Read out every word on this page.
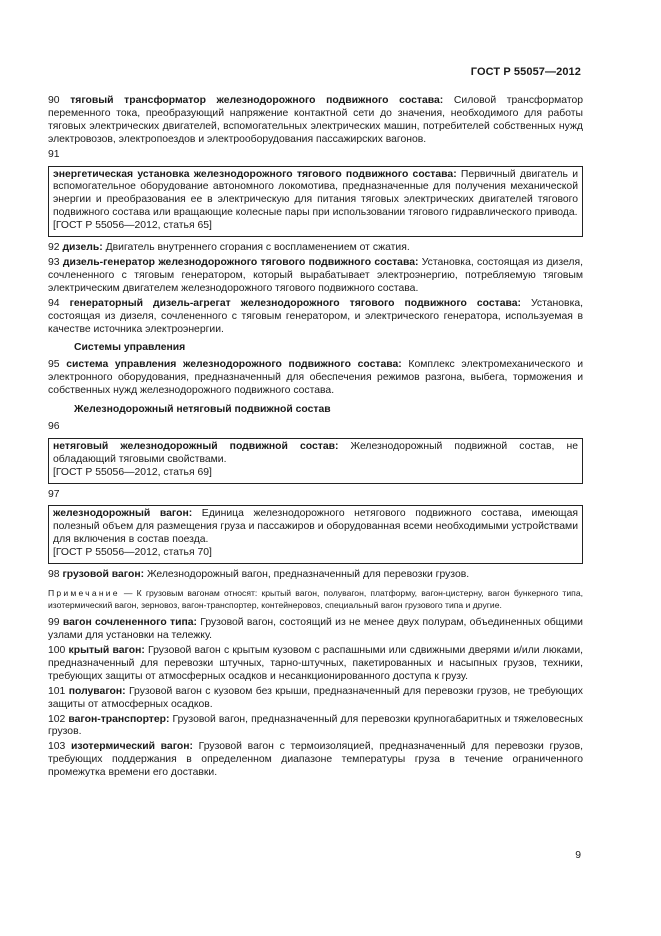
ГОСТ Р 55057—2012

90 тяговый трансформатор железнодорожного подвижного состава: Силовой трансформатор переменного тока, преобразующий напряжение контактной сети до значения, необходимого для работы тяговых электрических двигателей, вспомогательных электрических машин, потребителей собственных нужд электровозов, электропоездов и электрооборудования пассажирских вагонов.

91

энергетическая установка железнодорожного тягового подвижного состава: Первичный двигатель и вспомогательное оборудование автономного локомотива, предназначенные для получения механической энергии и преобразования ее в электрическую для питания тяговых электрических двигателей тягового подвижного состава или вращающие колесные пары при использовании тягового гидравлического привода.

[ГОСТ Р 55056—2012, статья 65]

92 дизель: Двигатель внутреннего сгорания с воспламенением от сжатия.

93 дизель-генератор железнодорожного тягового подвижного состава: Установка, состоящая из дизеля, сочлененного с тяговым генератором, который вырабатывает электроэнергию, потребляемую тяговым электрическим двигателем железнодорожного тягового подвижного состава.

94 генераторный дизель-агрегат железнодорожного тягового подвижного состава: Установка, состоящая из дизеля, сочлененного с тяговым генератором, и электрического генератора, используемая в качестве источника электроэнергии.

Системы управления

95 система управления железнодорожного подвижного состава: Комплекс электромеханического и электронного оборудования, предназначенный для обеспечения режимов разгона, выбега, торможения и собственных нужд железнодорожного подвижного состава.

Железнодорожный нетяговый подвижной состав

96

нетяговый железнодорожный подвижной состав: Железнодорожный подвижной состав, не обладающий тяговыми свойствами.

[ГОСТ Р 55056—2012, статья 69]

97

железнодорожный вагон: Единица железнодорожного нетягового подвижного состава, имеющая полезный объем для размещения груза и пассажиров и оборудованная всеми необходимыми устройствами для включения в состав поезда.

[ГОСТ Р 55056—2012, статья 70]

98 грузовой вагон: Железнодорожный вагон, предназначенный для перевозки грузов.

Примечание — К грузовым вагонам относят: крытый вагон, полувагон, платформу, вагон-цистерну, вагон бункерного типа, изотермический вагон, зерновоз, вагон-транспортер, контейнеровоз, специальный вагон грузового типа и другие.

99 вагон сочлененного типа: Грузовой вагон, состоящий из не менее двух полурам, объединенных общими узлами для установки на тележку.

100 крытый вагон: Грузовой вагон с крытым кузовом с распашными или сдвижными дверями и/или люками, предназначенный для перевозки штучных, тарно-штучных, пакетированных и насыпных грузов, техники, требующих защиты от атмосферных осадков и несанкционированного доступа к грузу.

101 полувагон: Грузовой вагон с кузовом без крыши, предназначенный для перевозки грузов, не требующих защиты от атмосферных осадков.

102 вагон-транспортер: Грузовой вагон, предназначенный для перевозки крупногабаритных и тяжеловесных грузов.

103 изотермический вагон: Грузовой вагон с термоизоляцией, предназначенный для перевозки грузов, требующих поддержания в определенном диапазоне температуры груза в течение ограниченного промежутка времени его доставки.

9
